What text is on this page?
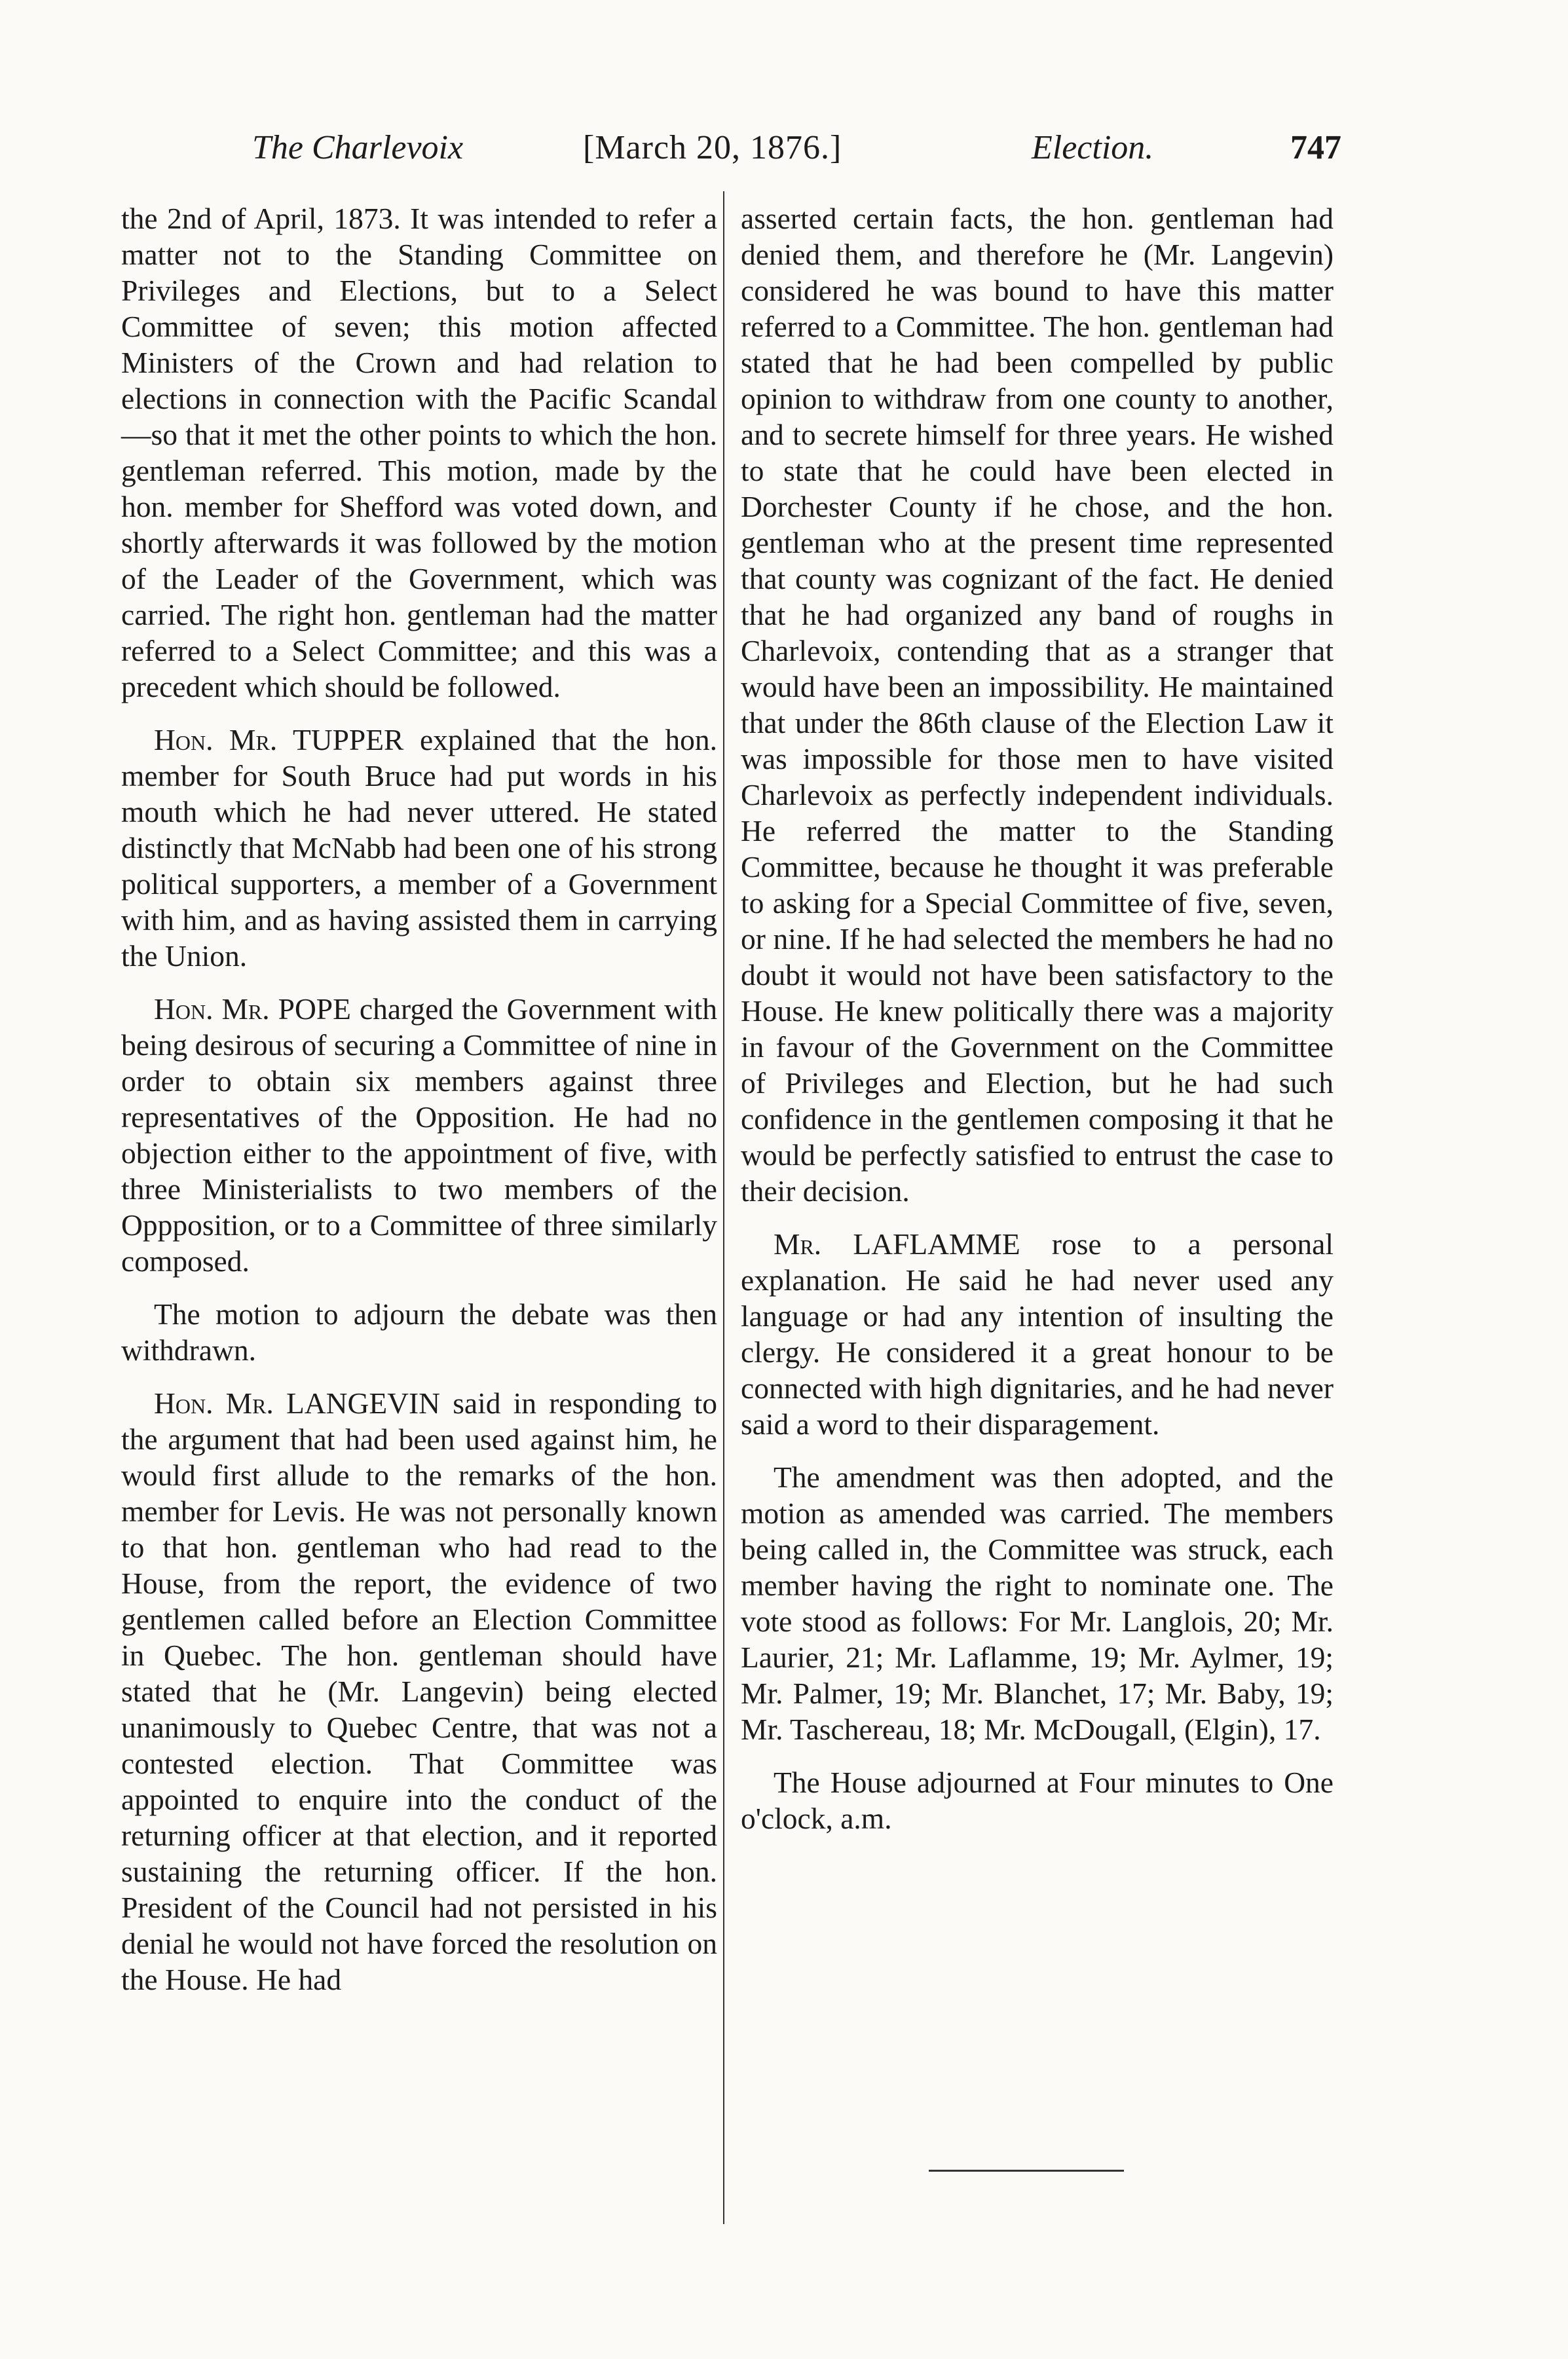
The Charlevoix	[March 20, 1876.]	Election.	747

the 2nd of April, 1873. It was intended to refer a matter not to the Standing Committee on Privileges and Elections, but to a Select Committee of seven; this motion affected Ministers of the Crown and had relation to elections in connection with the Pacific Scandal—so that it met the other points to which the hon. gentleman referred. This motion, made by the hon. member for Shefford was voted down, and shortly afterwards it was followed by the motion of the Leader of the Government, which was carried. The right hon. gentleman had the matter referred to a Select Committee; and this was a precedent which should be followed.

Hon. Mr. TUPPER explained that the hon. member for South Bruce had put words in his mouth which he had never uttered. He stated distinctly that McNabb had been one of his strong political supporters, a member of a Government with him, and as having assisted them in carrying the Union.

Hon. Mr. POPE charged the Government with being desirous of securing a Committee of nine in order to obtain six members against three representatives of the Opposition. He had no objection either to the appointment of five, with three Ministerialists to two members of the Oppposition, or to a Committee of three similarly composed.

The motion to adjourn the debate was then withdrawn.

Hon. Mr. LANGEVIN said in responding to the argument that had been used against him, he would first allude to the remarks of the hon. member for Levis. He was not personally known to that hon. gentleman who had read to the House, from the report, the evidence of two gentlemen called before an Election Committee in Quebec. The hon. gentleman should have stated that he (Mr. Langevin) being elected unanimously to Quebec Centre, that was not a contested election. That Committee was appointed to enquire into the conduct of the returning officer at that election, and it reported sustaining the returning officer. If the hon. President of the Council had not persisted in his denial he would not have forced the resolution on the House. He had

asserted certain facts, the hon. gentleman had denied them, and therefore he (Mr. Langevin) considered he was bound to have this matter referred to a Committee. The hon. gentleman had stated that he had been compelled by public opinion to withdraw from one county to another, and to secrete himself for three years. He wished to state that he could have been elected in Dorchester County if he chose, and the hon. gentleman who at the present time represented that county was cognizant of the fact. He denied that he had organized any band of roughs in Charlevoix, contending that as a stranger that would have been an impossibility. He maintained that under the 86th clause of the Election Law it was impossible for those men to have visited Charlevoix as perfectly independent individuals. He referred the matter to the Standing Committee, because he thought it was preferable to asking for a Special Committee of five, seven, or nine. If he had selected the members he had no doubt it would not have been satisfactory to the House. He knew politically there was a majority in favour of the Government on the Committee of Privileges and Election, but he had such confidence in the gentlemen composing it that he would be perfectly satisfied to entrust the case to their decision.

Mr. LAFLAMME rose to a personal explanation. He said he had never used any language or had any intention of insulting the clergy. He considered it a great honour to be connected with high dignitaries, and he had never said a word to their disparagement.

The amendment was then adopted, and the motion as amended was carried. The members being called in, the Committee was struck, each member having the right to nominate one. The vote stood as follows: For Mr. Langlois, 20; Mr. Laurier, 21; Mr. Laflamme, 19; Mr. Aylmer, 19; Mr. Palmer, 19; Mr. Blanchet, 17; Mr. Baby, 19; Mr. Taschereau, 18; Mr. McDougall, (Elgin), 17.

The House adjourned at Four minutes to One o'clock, a.m.
